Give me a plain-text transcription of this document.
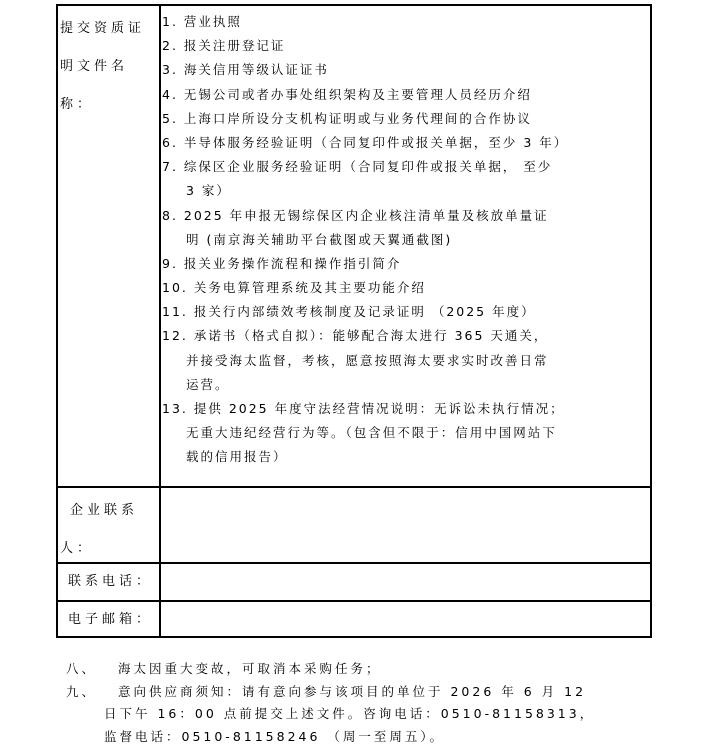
提交资质证
明文件名
称：
1. 营业执照
2. 报关注册登记证
3. 海关信用等级认证证书
4. 无锡公司或者办事处组织架构及主要管理人员经历介绍
5. 上海口岸所设分支机构证明或与业务代理间的合作协议
6. 半导体服务经验证明（合同复印件或报关单据，至少 3 年）
7. 综保区企业服务经验证明（合同复印件或报关单据， 至少
3 家）
8. 2025 年申报无锡综保区内企业核注清单量及核放单量证
明 (南京海关辅助平台截图或天翼通截图)
9. 报关业务操作流程和操作指引简介
10. 关务电算管理系统及其主要功能介绍
11. 报关行内部绩效考核制度及记录证明 （2025 年度）
12. 承诺书（格式自拟）：能够配合海太进行 365 天通关，
并接受海太监督，考核，愿意按照海太要求实时改善日常
运营。
13. 提供 2025 年度守法经营情况说明：无诉讼未执行情况；
无重大违纪经营行为等。（包含但不限于：信用中国网站下
载的信用报告）
企业联系
人：
联系电话：
电子邮箱：
八、 海太因重大变故，可取消本采购任务；
九、 意向供应商须知：请有意向参与该项目的单位于 2026 年 6 月 12
日下午 16：00 点前提交上述文件。咨询电话：0510-81158313，
监督电话：0510-81158246 （周一至周五）。
